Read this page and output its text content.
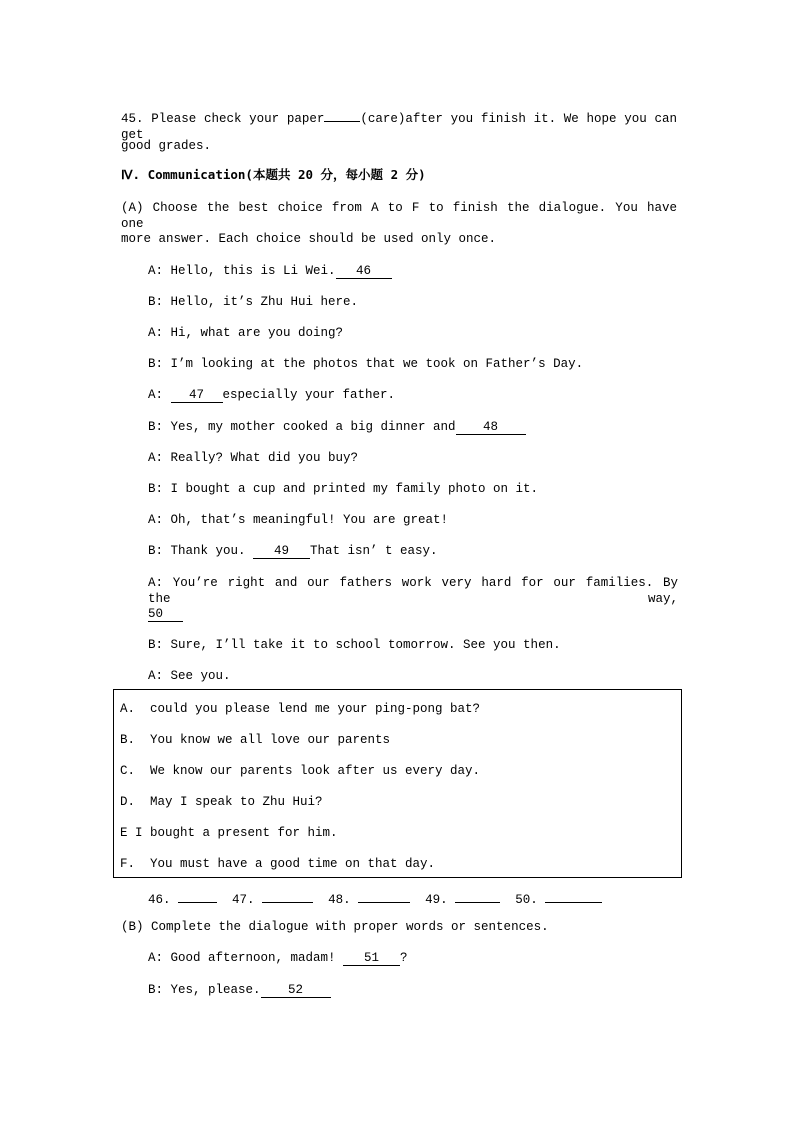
45. Please check your paper	(care)after you finish it. We hope you can get
good grades.
Ⅳ. Communication(本题共 20 分，每小题 2 分)
(A) Choose the best choice from A to F to finish the dialogue. You have one
more answer. Each choice should be used only once.
A: Hello, this is Li Wei. 46
B: Hello, it’s Zhu Hui here.
A: Hi, what are you doing?
B: I’m looking at the photos that we took on Father’s Day.
A: 47 especially your father.
B: Yes, my mother cooked a big dinner and 48
A: Really? What did you buy?
B: I bought a cup and printed my family photo on it.
A: Oh, that’s meaningful! You are great!
B: Thank you. 49 That isn’ t easy.
A: You’re right and our fathers work very hard for our families. By the way,
50
B: Sure, I’ll take it to school tomorrow. See you then.
A: See you.
A.  could you please lend me your ping-pong bat?
B.  You know we all love our parents
C.  We know our parents look after us every day.
D.  May I speak to Zhu Hui?
E I bought a present for him.
F.  You must have a good time on that day.
46.	47.	48.	49.	50.
(B) Complete the dialogue with proper words or sentences.
A: Good afternoon, madam! 51 ?
B: Yes, please. 52
